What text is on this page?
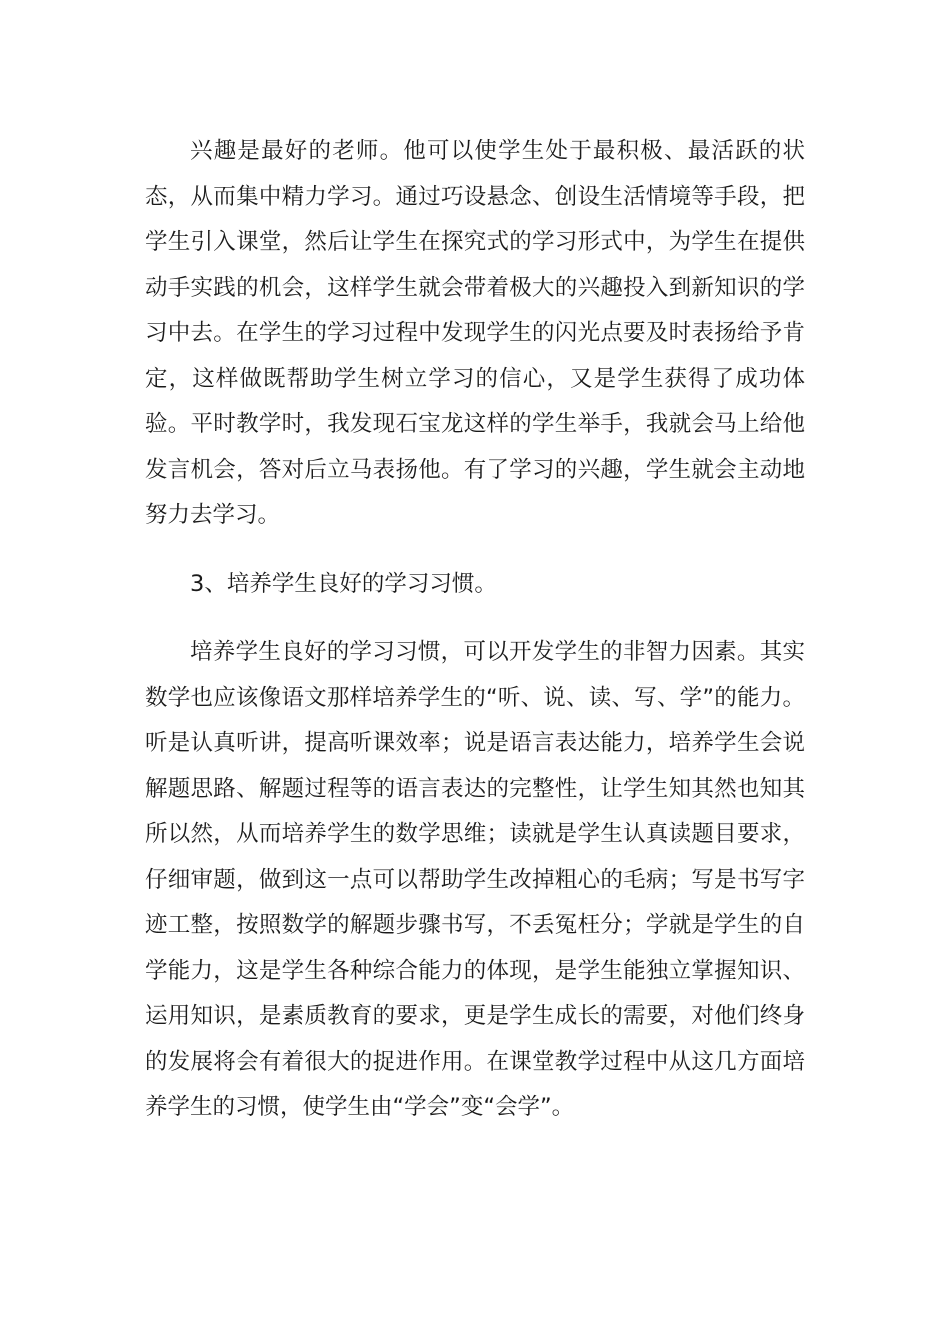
兴趣是最好的老师。他可以使学生处于最积极、最活跃的状态，从而集中精力学习。通过巧设悬念、创设生活情境等手段，把学生引入课堂，然后让学生在探究式的学习形式中，为学生在提供动手实践的机会，这样学生就会带着极大的兴趣投入到新知识的学习中去。在学生的学习过程中发现学生的闪光点要及时表扬给予肯定，这样做既帮助学生树立学习的信心，又是学生获得了成功体验。平时教学时，我发现石宝龙这样的学生举手，我就会马上给他发言机会，答对后立马表扬他。有了学习的兴趣，学生就会主动地努力去学习。

3、培养学生良好的学习习惯。

培养学生良好的学习习惯，可以开发学生的非智力因素。其实数学也应该像语文那样培养学生的“听、说、读、写、学”的能力。听是认真听讲，提高听课效率；说是语言表达能力，培养学生会说解题思路、解题过程等的语言表达的完整性，让学生知其然也知其所以然，从而培养学生的数学思维；读就是学生认真读题目要求，仔细审题，做到这一点可以帮助学生改掉粗心的毛病；写是书写字迹工整，按照数学的解题步骤书写，不丢冤枉分；学就是学生的自学能力，这是学生各种综合能力的体现，是学生能独立掌握知识、运用知识，是素质教育的要求，更是学生成长的需要，对他们终身的发展将会有着很大的捉进作用。在课堂教学过程中从这几方面培养学生的习惯，使学生由“学会”变“会学”。
